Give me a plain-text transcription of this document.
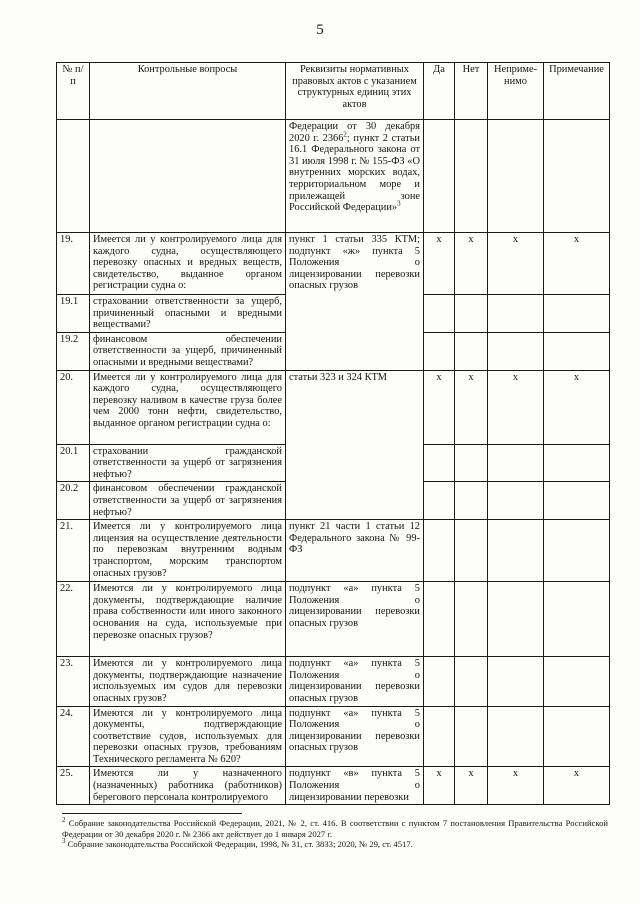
5
№ п/п	Контрольные вопросы	Реквизиты нормативных правовых актов с указанием структурных единиц этих актов	Да	Нет	Неприме-нимо	Примечание
		Федерации от 30 декабря 2020 г. 2366$^2$; пункт 2 статьи 16.1 Федерального закона от 31 июля 1998 г. № 155-ФЗ «О внутренних морских водах, территориальном море и прилежащей зоне Российской Федерации»$^3$				
19.	Имеется ли у контролируемого лица для каждого судна, осуществляющего перевозку опасных и вредных веществ, свидетельство, выданное органом регистрации судна о:	пункт 1 статьи 335 КТМ; подпункт «ж» пункта 5 Положения о лицензировании перевозки опасных грузов	x	x	x	x
19.1	страховании ответственности за ущерб, причиненный опасными и вредными веществами?					
19.2	финансовом обеспечении ответственности за ущерб, причиненный опасными и вредными веществами?					
20.	Имеется ли у контролируемого лица для каждого судна, осуществляющего перевозку наливом в качестве груза более чем 2000 тонн нефти, свидетельство, выданное органом регистрации судна о:	статьи 323 и 324 КТМ	x	x	x	x
20.1	страховании гражданской ответственности за ущерб от загрязнения нефтью?					
20.2	финансовом обеспечении гражданской ответственности за ущерб от загрязнения нефтью?					
21.	Имеется ли у контролируемого лица лицензия на осуществление деятельности по перевозкам внутренним водным транспортом, морским транспортом опасных грузов?	пункт 21 части 1 статьи 12 Федерального закона № 99-ФЗ				
22.	Имеются ли у контролируемого лица документы, подтверждающие наличие права собственности или иного законного основания на суда, используемые при перевозке опасных грузов?	подпункт «а» пункта 5 Положения о лицензировании перевозки опасных грузов				
23.	Имеются ли у контролируемого лица документы, подтверждающие назначение используемых им судов для перевозки опасных грузов?	подпункт «а» пункта 5 Положения о лицензировании перевозки опасных грузов				
24.	Имеются ли у контролируемого лица документы, подтверждающие соответствие судов, используемых для перевозки опасных грузов, требованиям Технического регламента № 620?	подпункт «а» пункта 5 Положения о лицензировании перевозки опасных грузов				
25.	Имеются ли у назначенного (назначенных) работника (работников) берегового персонала контролируемого	подпункт «в» пункта 5 Положения о лицензировании перевозки	x	x	x	x

$^2$ Собрание законодательства Российской Федерации, 2021, № 2, ст. 416. В соответствии с пунктом 7 постановления Правительства Российской Федерации от 30 декабря 2020 г. № 2366 акт действует до 1 января 2027 г.

$^3$ Собрание законодательства Российской Федерации, 1998, № 31, ст. 3833; 2020, № 29, ст. 4517.
